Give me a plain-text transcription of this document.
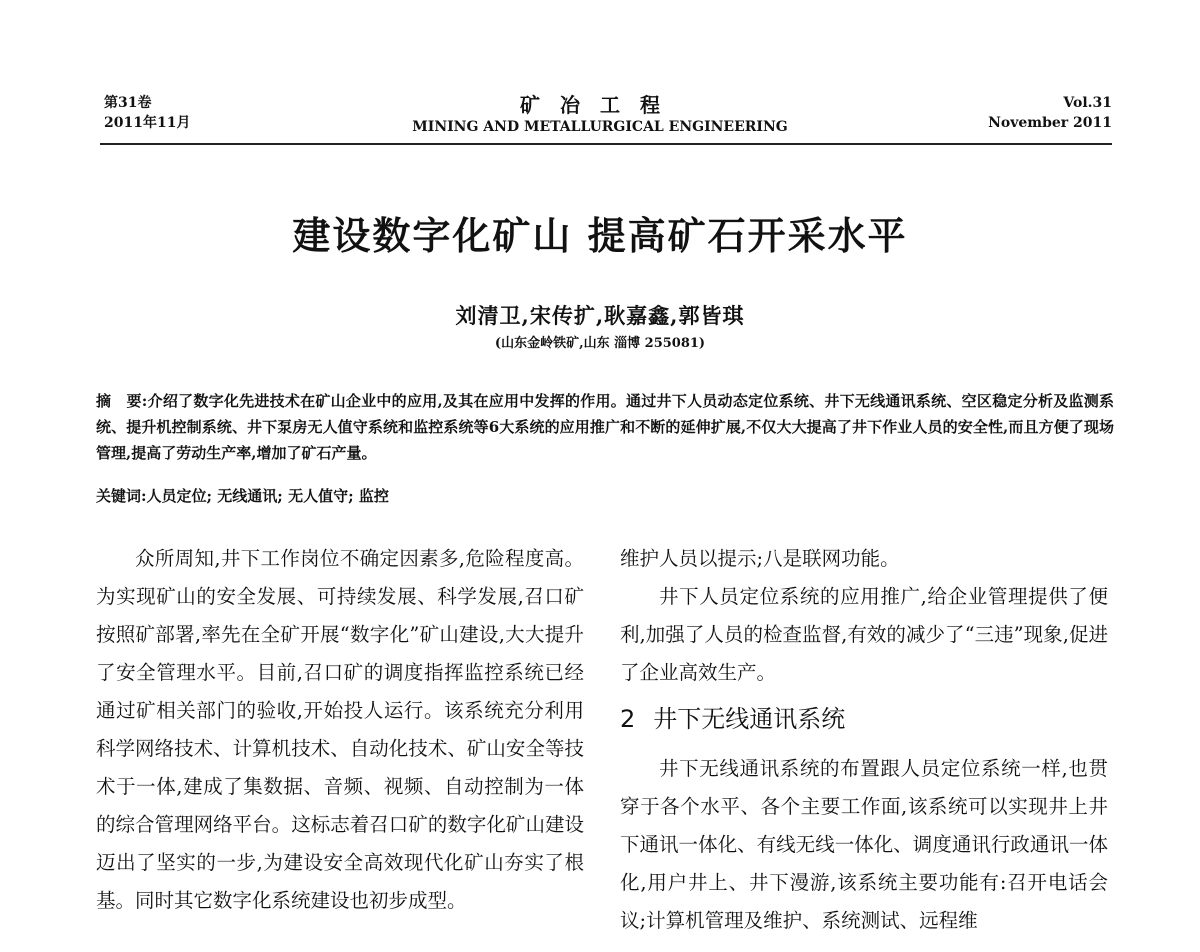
第31卷
2011年11月
矿冶工程
MINING AND METALLURGICAL ENGINEERING
Vol.31
November 2011
建设数字化矿山 提高矿石开采水平
刘清卫,宋传扩,耿嘉鑫,郭皆琪
(山东金岭铁矿,山东 淄博 255081)
摘　要:介绍了数字化先进技术在矿山企业中的应用,及其在应用中发挥的作用。通过井下人员动态定位系统、井下无线通讯系统、空区稳定分析及监测系统、提升机控制系统、井下泵房无人值守系统和监控系统等6大系统的应用推广和不断的延伸扩展,不仅大大提高了井下作业人员的安全性,而且方便了现场管理,提高了劳动生产率,增加了矿石产量。
关键词:人员定位; 无线通讯; 无人值守; 监控

众所周知,井下工作岗位不确定因素多,危险程度高。为实现矿山的安全发展、可持续发展、科学发展,召口矿按照矿部署,率先在全矿开展“数字化”矿山建设,大大提升了安全管理水平。目前,召口矿的调度指挥监控系统已经通过矿相关部门的验收,开始投人运行。该系统充分利用科学网络技术、计算机技术、自动化技术、矿山安全等技术于一体,建成了集数据、音频、视频、自动控制为一体的综合管理网络平台。这标志着召口矿的数字化矿山建设迈出了坚实的一步,为建设安全高效现代化矿山夯实了根基。同时其它数字化系统建设也初步成型。

维护人员以提示;八是联网功能。

井下人员定位系统的应用推广,给企业管理提供了便利,加强了人员的检查监督,有效的减少了“三违”现象,促进了企业高效生产。

2 井下无线通讯系统

井下无线通讯系统的布置跟人员定位系统一样,也贯穿于各个水平、各个主要工作面,该系统可以实现井上井下通讯一体化、有线无线一体化、调度通讯行政通讯一体化,用户井上、井下漫游,该系统主要功能有:召开电话会议;计算机管理及维护、系统测试、远程维
